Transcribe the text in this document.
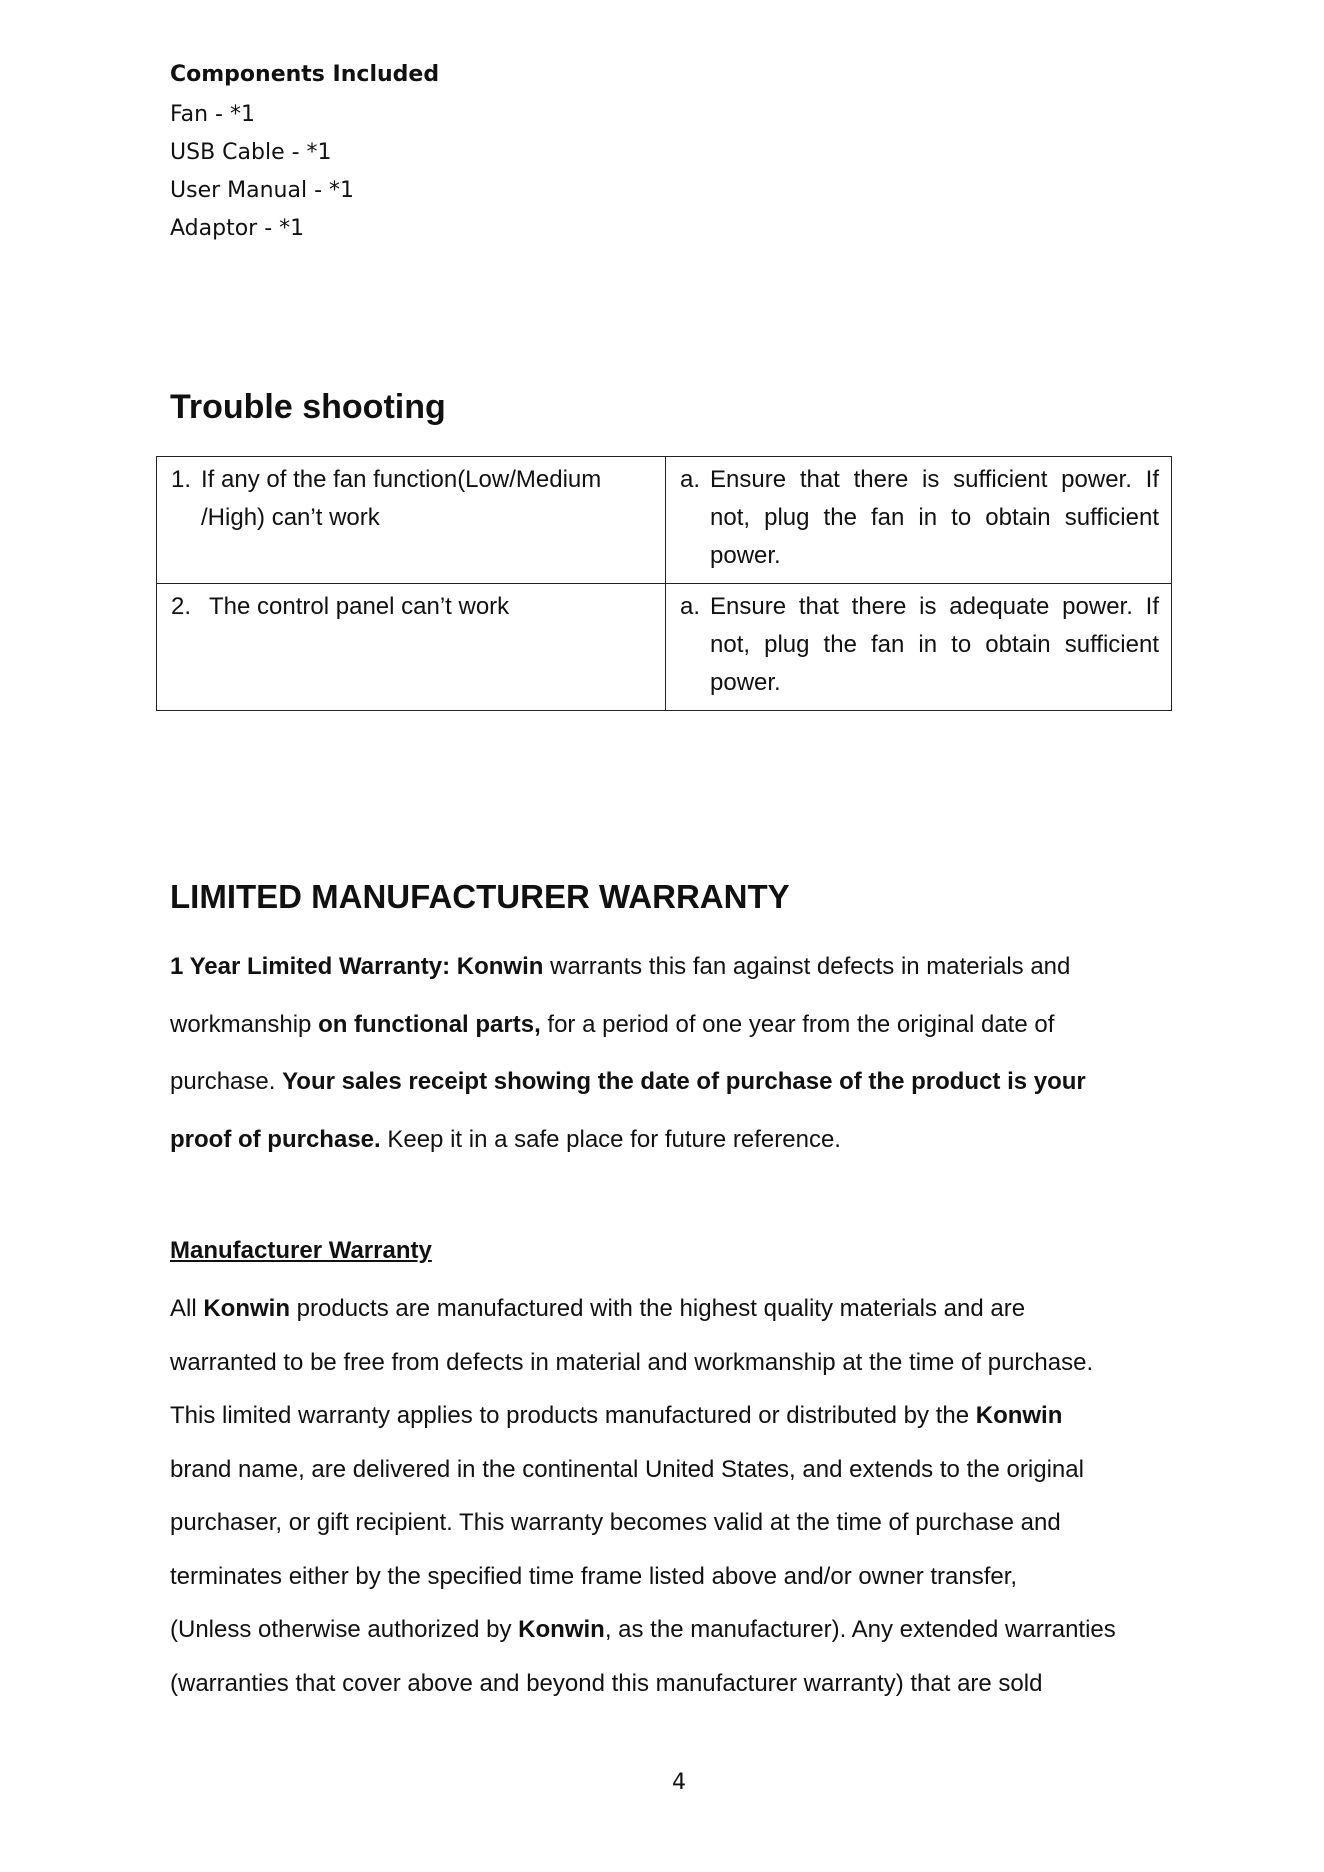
Components Included
Fan - *1
USB Cable - *1
User Manual - *1
Adaptor - *1
Trouble shooting
1. If any of the fan function(Low/Medium /High) can’t work	a. Ensure that there is sufficient power. If not, plug the fan in to obtain sufficient power.

2. The control panel can’t work	a. Ensure that there is adequate power. If not, plug the fan in to obtain sufficient power.
LIMITED MANUFACTURER WARRANTY
1 Year Limited Warranty: Konwin warrants this fan against defects in materials and
workmanship on functional parts, for a period of one year from the original date of
purchase. Your sales receipt showing the date of purchase of the product is your
proof of purchase. Keep it in a safe place for future reference.
Manufacturer Warranty
All Konwin products are manufactured with the highest quality materials and are
warranted to be free from defects in material and workmanship at the time of purchase.
This limited warranty applies to products manufactured or distributed by the Konwin
brand name, are delivered in the continental United States, and extends to the original
purchaser, or gift recipient. This warranty becomes valid at the time of purchase and
terminates either by the specified time frame listed above and/or owner transfer,
(Unless otherwise authorized by Konwin, as the manufacturer). Any extended warranties
(warranties that cover above and beyond this manufacturer warranty) that are sold
4
